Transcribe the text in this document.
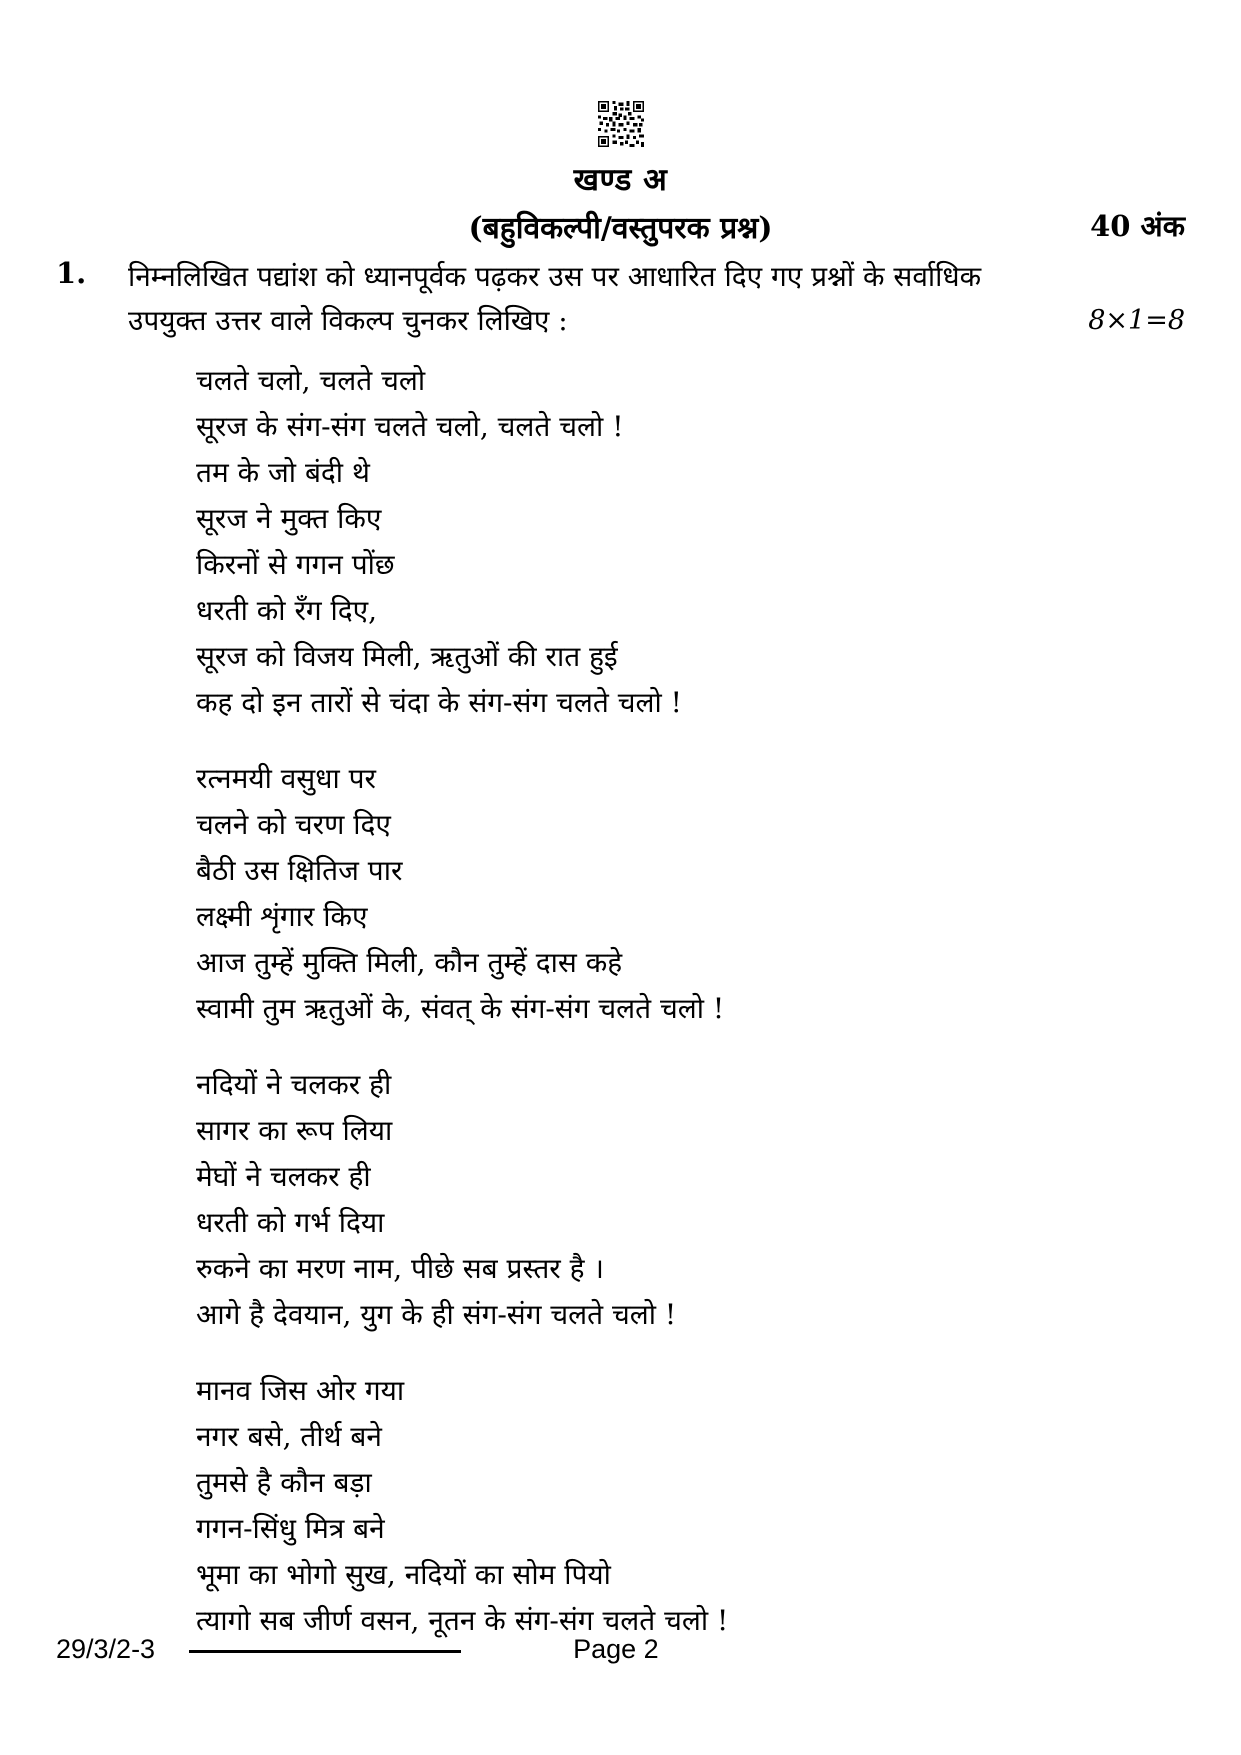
खण्ड अ
(बहुविकल्पी/वस्तुपरक प्रश्न)	40 अंक
1.	निम्नलिखित पद्यांश को ध्यानपूर्वक पढ़कर उस पर आधारित दिए गए प्रश्नों के सर्वाधिक
उपयुक्त उत्तर वाले विकल्प चुनकर लिखिए :	8×1=8
चलते चलो, चलते चलो
सूरज के संग-संग चलते चलो, चलते चलो !
तम के जो बंदी थे
सूरज ने मुक्त किए
किरनों से गगन पोंछ
धरती को रँग दिए,
सूरज को विजय मिली, ऋतुओं की रात हुई
कह दो इन तारों से चंदा के संग-संग चलते चलो !
रत्नमयी वसुधा पर
चलने को चरण दिए
बैठी उस क्षितिज पार
लक्ष्मी शृंगार किए
आज तुम्हें मुक्ति मिली, कौन तुम्हें दास कहे
स्वामी तुम ऋतुओं के, संवत् के संग-संग चलते चलो !
नदियों ने चलकर ही
सागर का रूप लिया
मेघों ने चलकर ही
धरती को गर्भ दिया
रुकने का मरण नाम, पीछे सब प्रस्तर है ।
आगे है देवयान, युग के ही संग-संग चलते चलो !
मानव जिस ओर गया
नगर बसे, तीर्थ बने
तुमसे है कौन बड़ा
गगन-सिंधु मित्र बने
भूमा का भोगो सुख, नदियों का सोम पियो
त्यागो सब जीर्ण वसन, नूतन के संग-संग चलते चलो !
29/3/2-3	Page 2
